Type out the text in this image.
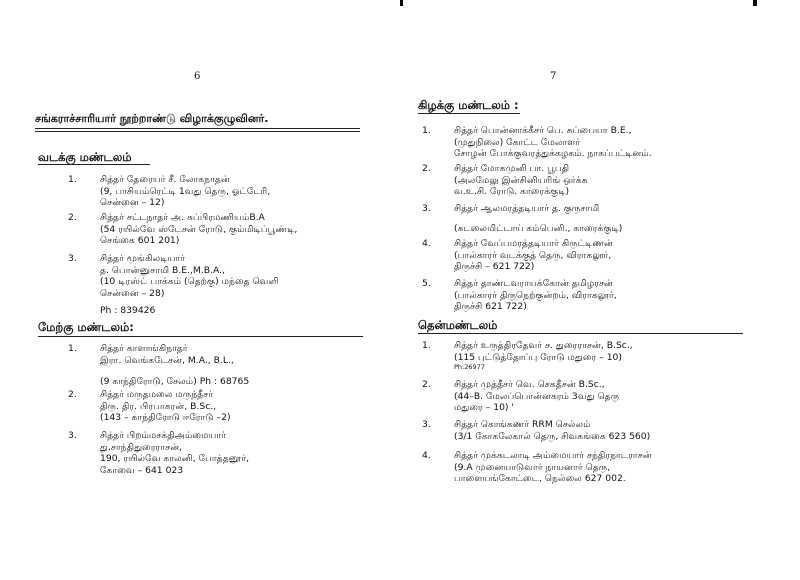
6
சங்கராச்சாரியார் நூற்றாண்டு விழாக்குழுவினர்.
வடக்கு மண்டலம்
1.	சித்தர் தேரையர் சீ. லோகநாதன்
(9, பாசியம்ரெட்டி 1வது தெரு, ஓட்டேரி,
சென்னை – 12)
2.	சித்தர் சட்டநாதர் அ. சுப்பிரமணியம்B.A
(54 ரயில்வே ஸ்டேசன் ரோடு, கும்மிடிப்பூண்டி,
செங்கை 601 201)
3.	சித்தர் மூங்கிலடியார்
த. பொன்னுசாமி B.E.,M.B.A.,
(10 டிரஸ்ட் பாக்கம் (தெற்கு) மந்தை வெளி
சென்னை – 28)
Ph : 839426
மேற்கு மண்டலம்:
1.	சித்தர் காளாங்கிநாதர்
இரா. வெங்கடேசன், M.A., B.L.,
(9 காந்திரோடு, சேலம்) Ph : 68765
2.	சித்தர் மருதமலை மருந்தீசர்
திரு. திர. பிரபாகரன், B.Sc.,
(143 – காந்திரோடு ஈரோடு –2)
3.	சித்தர் பிறம்மசக்திஅம்மையார்
து.சாந்திதுரைராசன்,
190, ரயில்வே காலனி, போத்தனூர்,
கோவை – 641 023
7
கிழக்கு மண்டலம் :
1.	சித்தர் பொன்னாக்கீசர் பெ. சுப்பையா B.E.,
(முதுநிலை) கோட்ட மேலாளர்
சோழன் போக்குவரத்துக்கழகம். நாகப்பட்டினம்.
2.	சித்தர் மோகமுனி பா. பூபதி
(அலமேலு இன்சினியரிங் ஒர்க்சு
வ.உ.சி. ரோடு. காரைக்குடி)
3.	சித்தர் ஆலமரத்தடியார் த. குருசாமி
(கடலைமிட்டாய் கம்பெனி., காரைக்குடி)
4.	சித்தர் வேப்பமரத்தடியார் கிருட்டிணன்
(பால்காரர் வடக்குத் தெரு, விராகலூர்,
திருச்சி – 621 722)
5.	சித்தர் தாண்டவராயக்கோன் தமிழரசன்
(பால்காரர் திருநெற்குன்றம், விராகலூர்,
திருச்சி 621 722)
தென்மண்டலம்
1.	சித்தர் உருத்திரதேவர் ச. துரைராசன், B.Sc.,
(115 புட்டுத்தோப்பு ரோடு மதுரை – 10)
Ph:26977
2.	சித்தர் முத்தீசர் வெ. செகதீசன் B.Sc.,
(44–B. மேலப்பொன்னகரம் 3வது தெரு
மதுரை – 10) '
3.	சித்தர் கொங்கணர் RRM செல்லம்
(3/1 கோகலேகால் தெரு, சிவகங்கை 623 560)
4.	சித்தர் முக்கடலாடி அம்மையார் சந்திரநாடராசன்
(9.A முனையாடுவார் நாயனார் தெரு,
பாளையங்கோட்டை, நெல்லை 627 002.
